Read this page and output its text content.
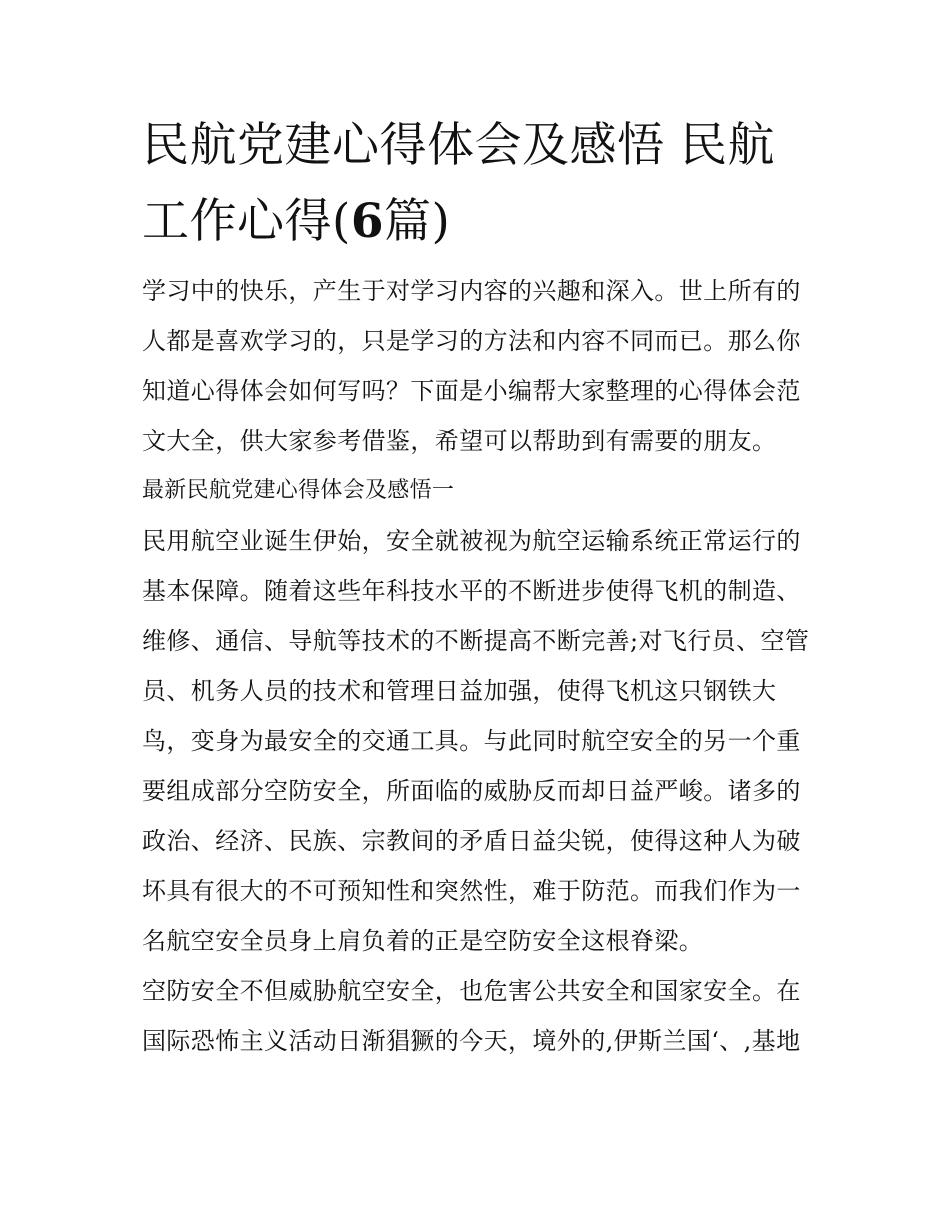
民航党建心得体会及感悟 民航工作心得(6篇)

学习中的快乐，产生于对学习内容的兴趣和深入。世上所有的人都是喜欢学习的，只是学习的方法和内容不同而已。那么你知道心得体会如何写吗？下面是小编帮大家整理的心得体会范文大全，供大家参考借鉴，希望可以帮助到有需要的朋友。

最新民航党建心得体会及感悟一

民用航空业诞生伊始，安全就被视为航空运输系统正常运行的基本保障。随着这些年科技水平的不断进步使得飞机的制造、维修、通信、导航等技术的不断提高不断完善;对飞行员、空管员、机务人员的技术和管理日益加强，使得飞机这只钢铁大鸟，变身为最安全的交通工具。与此同时航空安全的另一个重要组成部分空防安全，所面临的威胁反而却日益严峻。诸多的政治、经济、民族、宗教间的矛盾日益尖锐，使得这种人为破坏具有很大的不可预知性和突然性，难于防范。而我们作为一名航空安全员身上肩负着的正是空防安全这根脊梁。

空防安全不但威胁航空安全，也危害公共安全和国家安全。在国际恐怖主义活动日渐猖獗的今天，境外的,伊斯兰国‘、,基地
